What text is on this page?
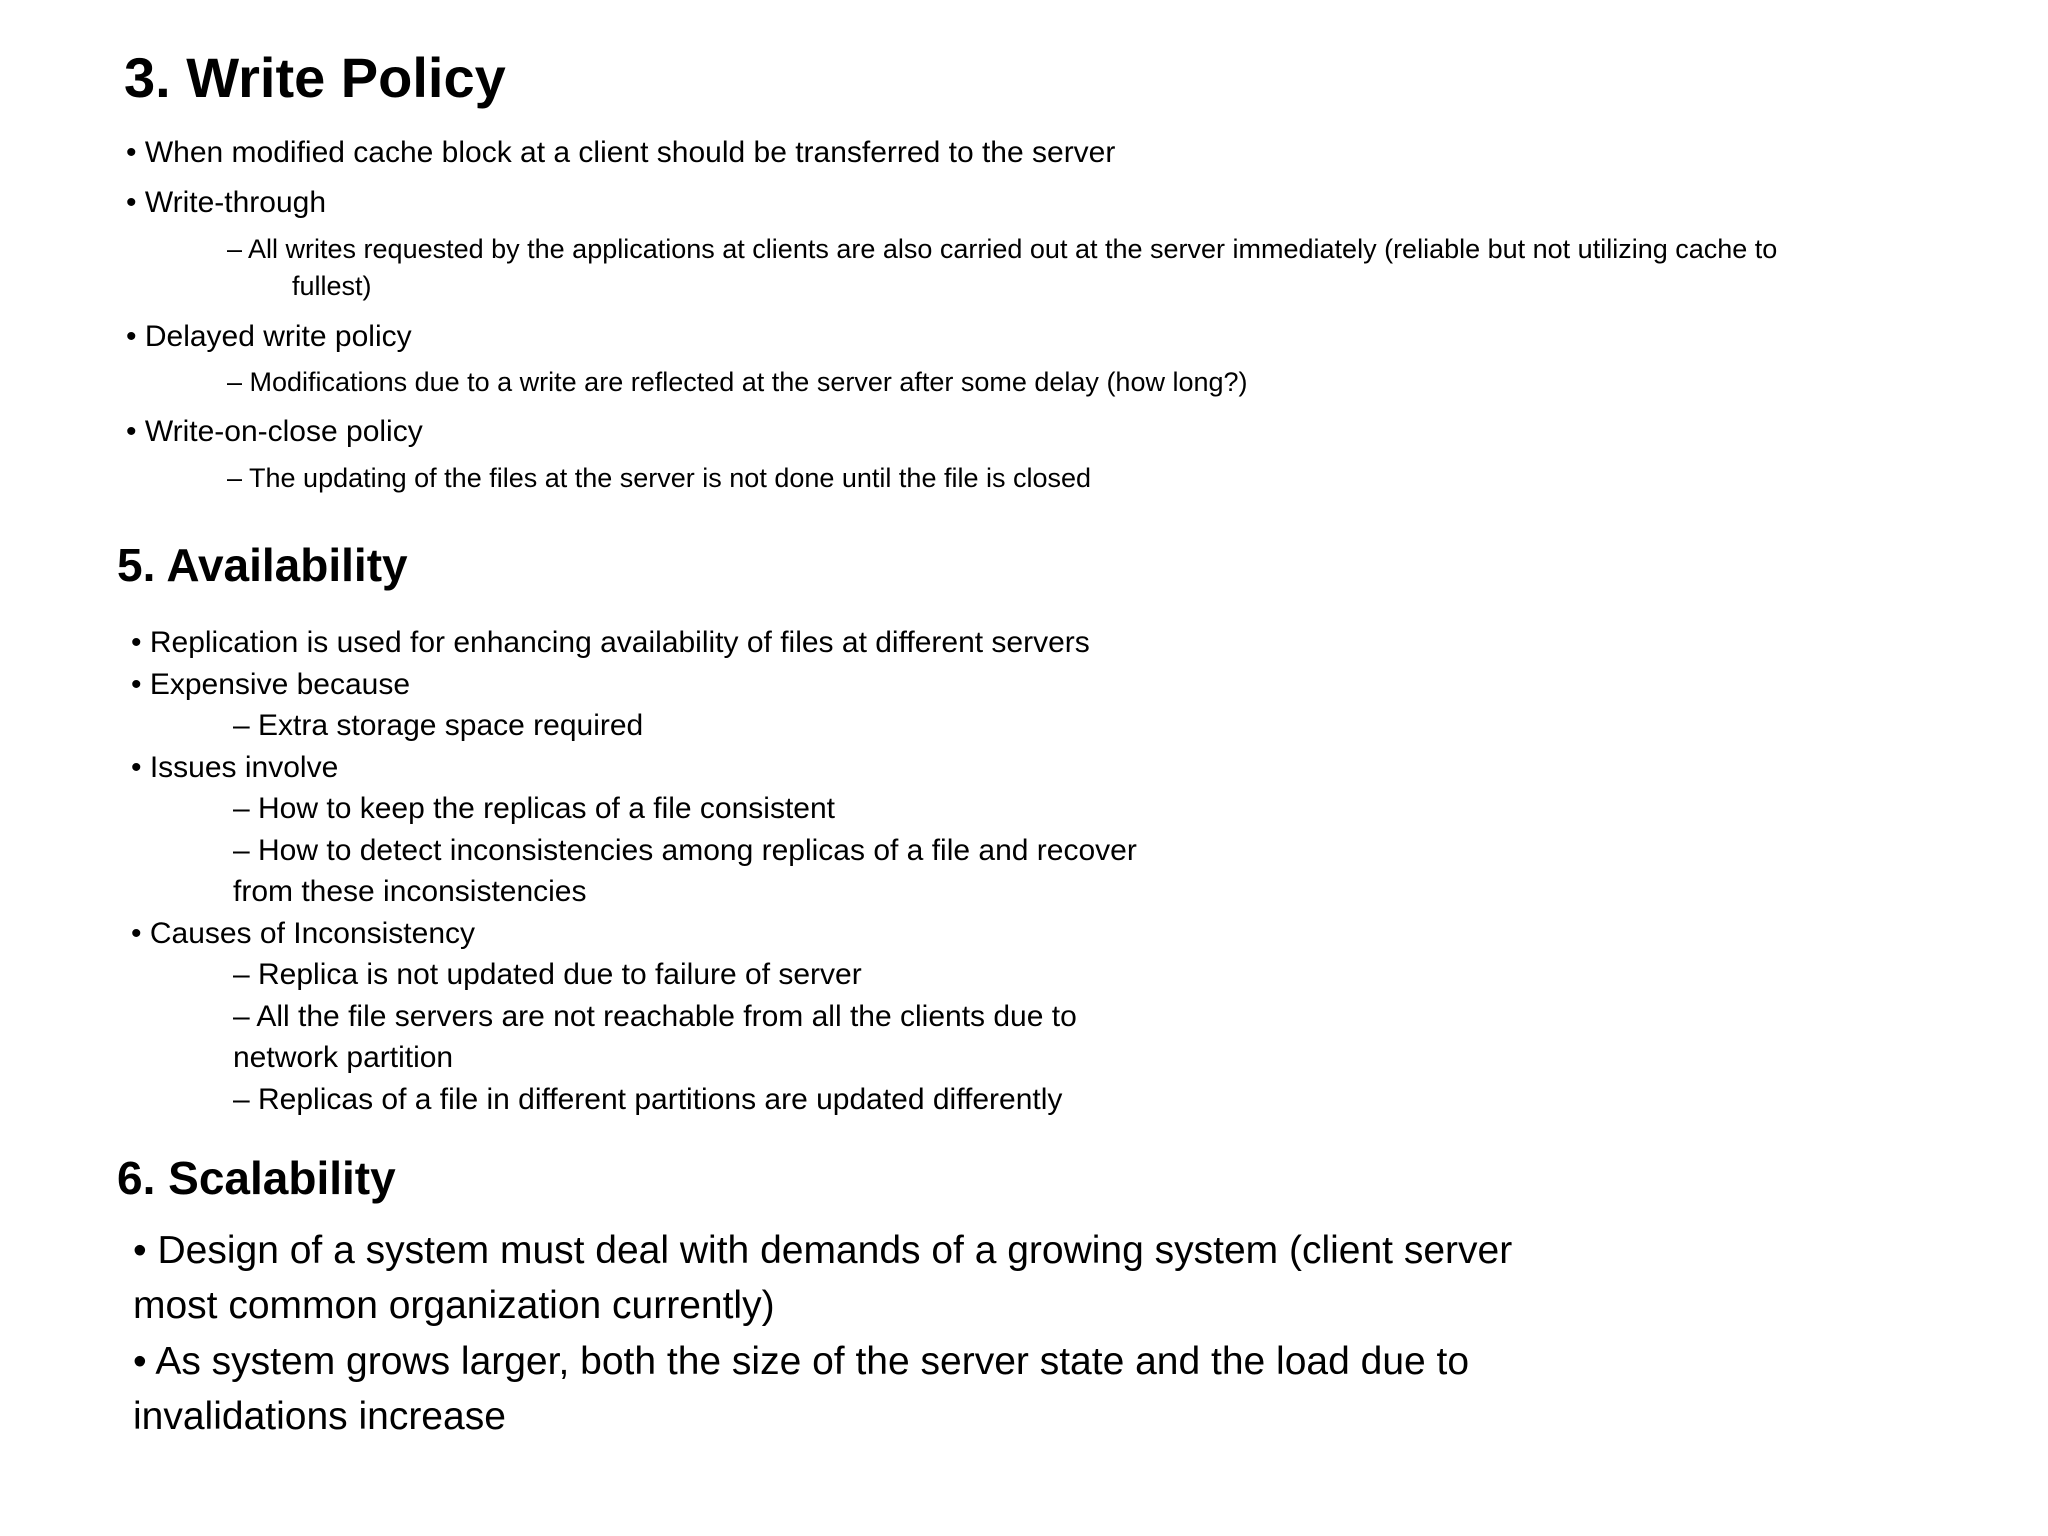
3. Write Policy
• When modified cache block at a client should be transferred to the server
• Write-through
– All writes requested by the applications at clients are also carried out at the server immediately (reliable but not utilizing cache to
fullest)
• Delayed write policy
– Modifications due to a write are reflected at the server after some delay (how long?)
• Write-on-close policy
– The updating of the files at the server is not done until the file is closed
5. Availability
• Replication is used for enhancing availability of files at different servers
• Expensive because
– Extra storage space required
• Issues involve
– How to keep the replicas of a file consistent
– How to detect inconsistencies among replicas of a file and recover
from these inconsistencies
• Causes of Inconsistency
– Replica is not updated due to failure of server
– All the file servers are not reachable from all the clients due to
network partition
– Replicas of a file in different partitions are updated differently
6. Scalability
• Design of a system must deal with demands of a growing system (client server
most common organization currently)
• As system grows larger, both the size of the server state and the load due to
invalidations increase
